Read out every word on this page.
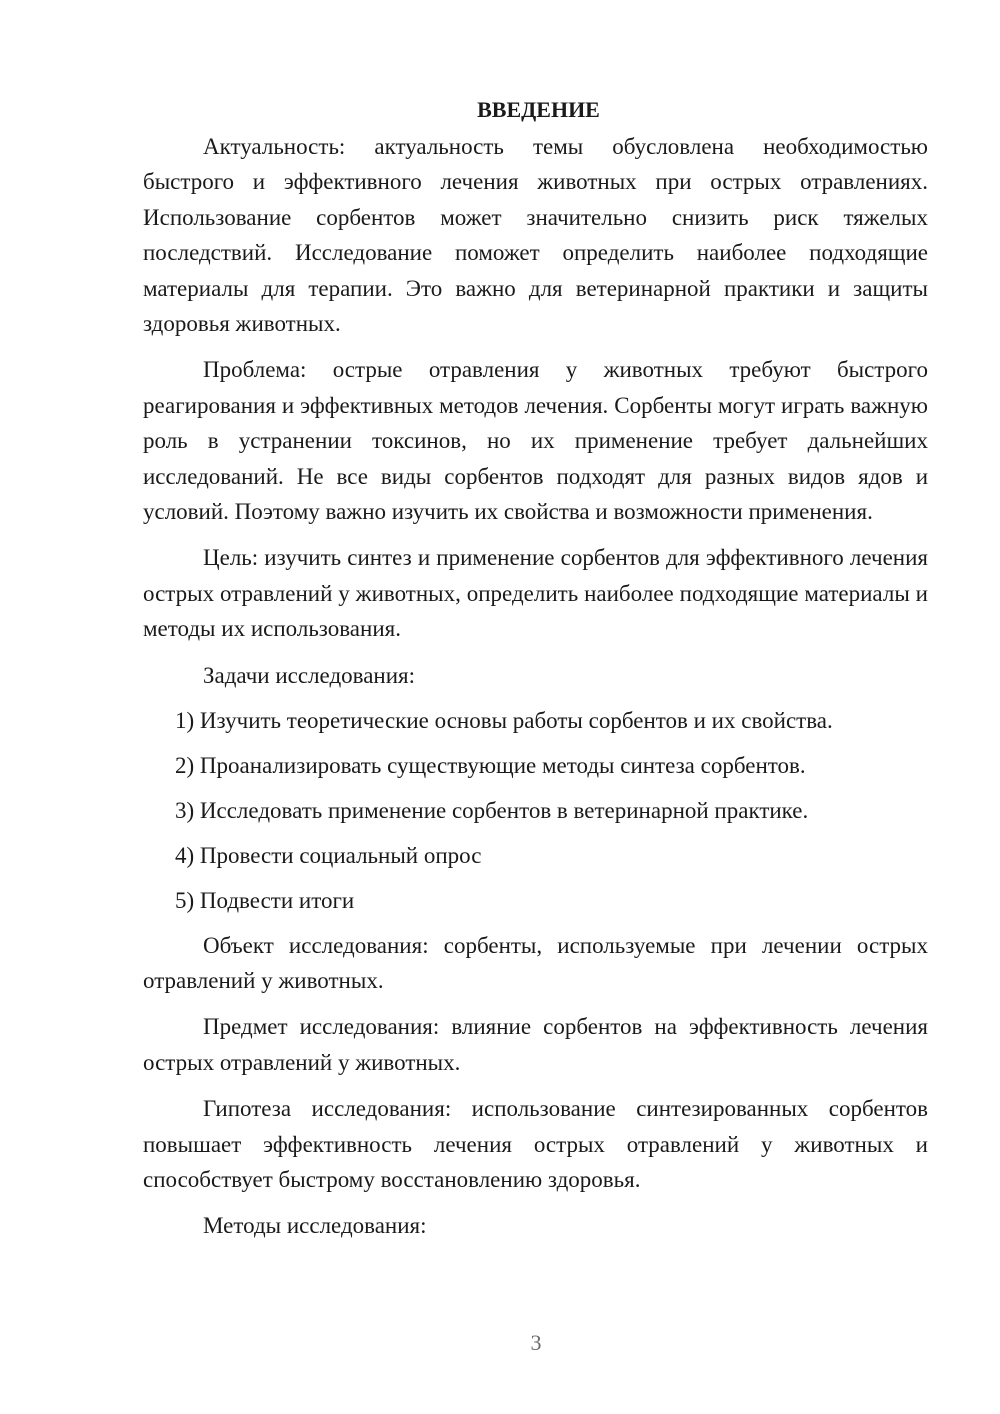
ВВЕДЕНИЕ

Актуальность: актуальность темы обусловлена необходимостью быстрого и эффективного лечения животных при острых отравлениях. Использование сорбентов может значительно снизить риск тяжелых последствий. Исследование поможет определить наиболее подходящие материалы для терапии. Это важно для ветеринарной практики и защиты здоровья животных.

Проблема: острые отравления у животных требуют быстрого реагирования и эффективных методов лечения. Сорбенты могут играть важную роль в устранении токсинов, но их применение требует дальнейших исследований. Не все виды сорбентов подходят для разных видов ядов и условий. Поэтому важно изучить их свойства и возможности применения.

Цель: изучить синтез и применение сорбентов для эффективного лечения острых отравлений у животных, определить наиболее подходящие материалы и методы их использования.

Задачи исследования:

1) Изучить теоретические основы работы сорбентов и их свойства.
2) Проанализировать существующие методы синтеза сорбентов.
3) Исследовать применение сорбентов в ветеринарной практике.
4) Провести социальный опрос
5) Подвести итоги

Объект исследования: сорбенты, используемые при лечении острых отравлений у животных.

Предмет исследования: влияние сорбентов на эффективность лечения острых отравлений у животных.

Гипотеза исследования: использование синтезированных сорбентов повышает эффективность лечения острых отравлений у животных и способствует быстрому восстановлению здоровья.

Методы исследования:

3
